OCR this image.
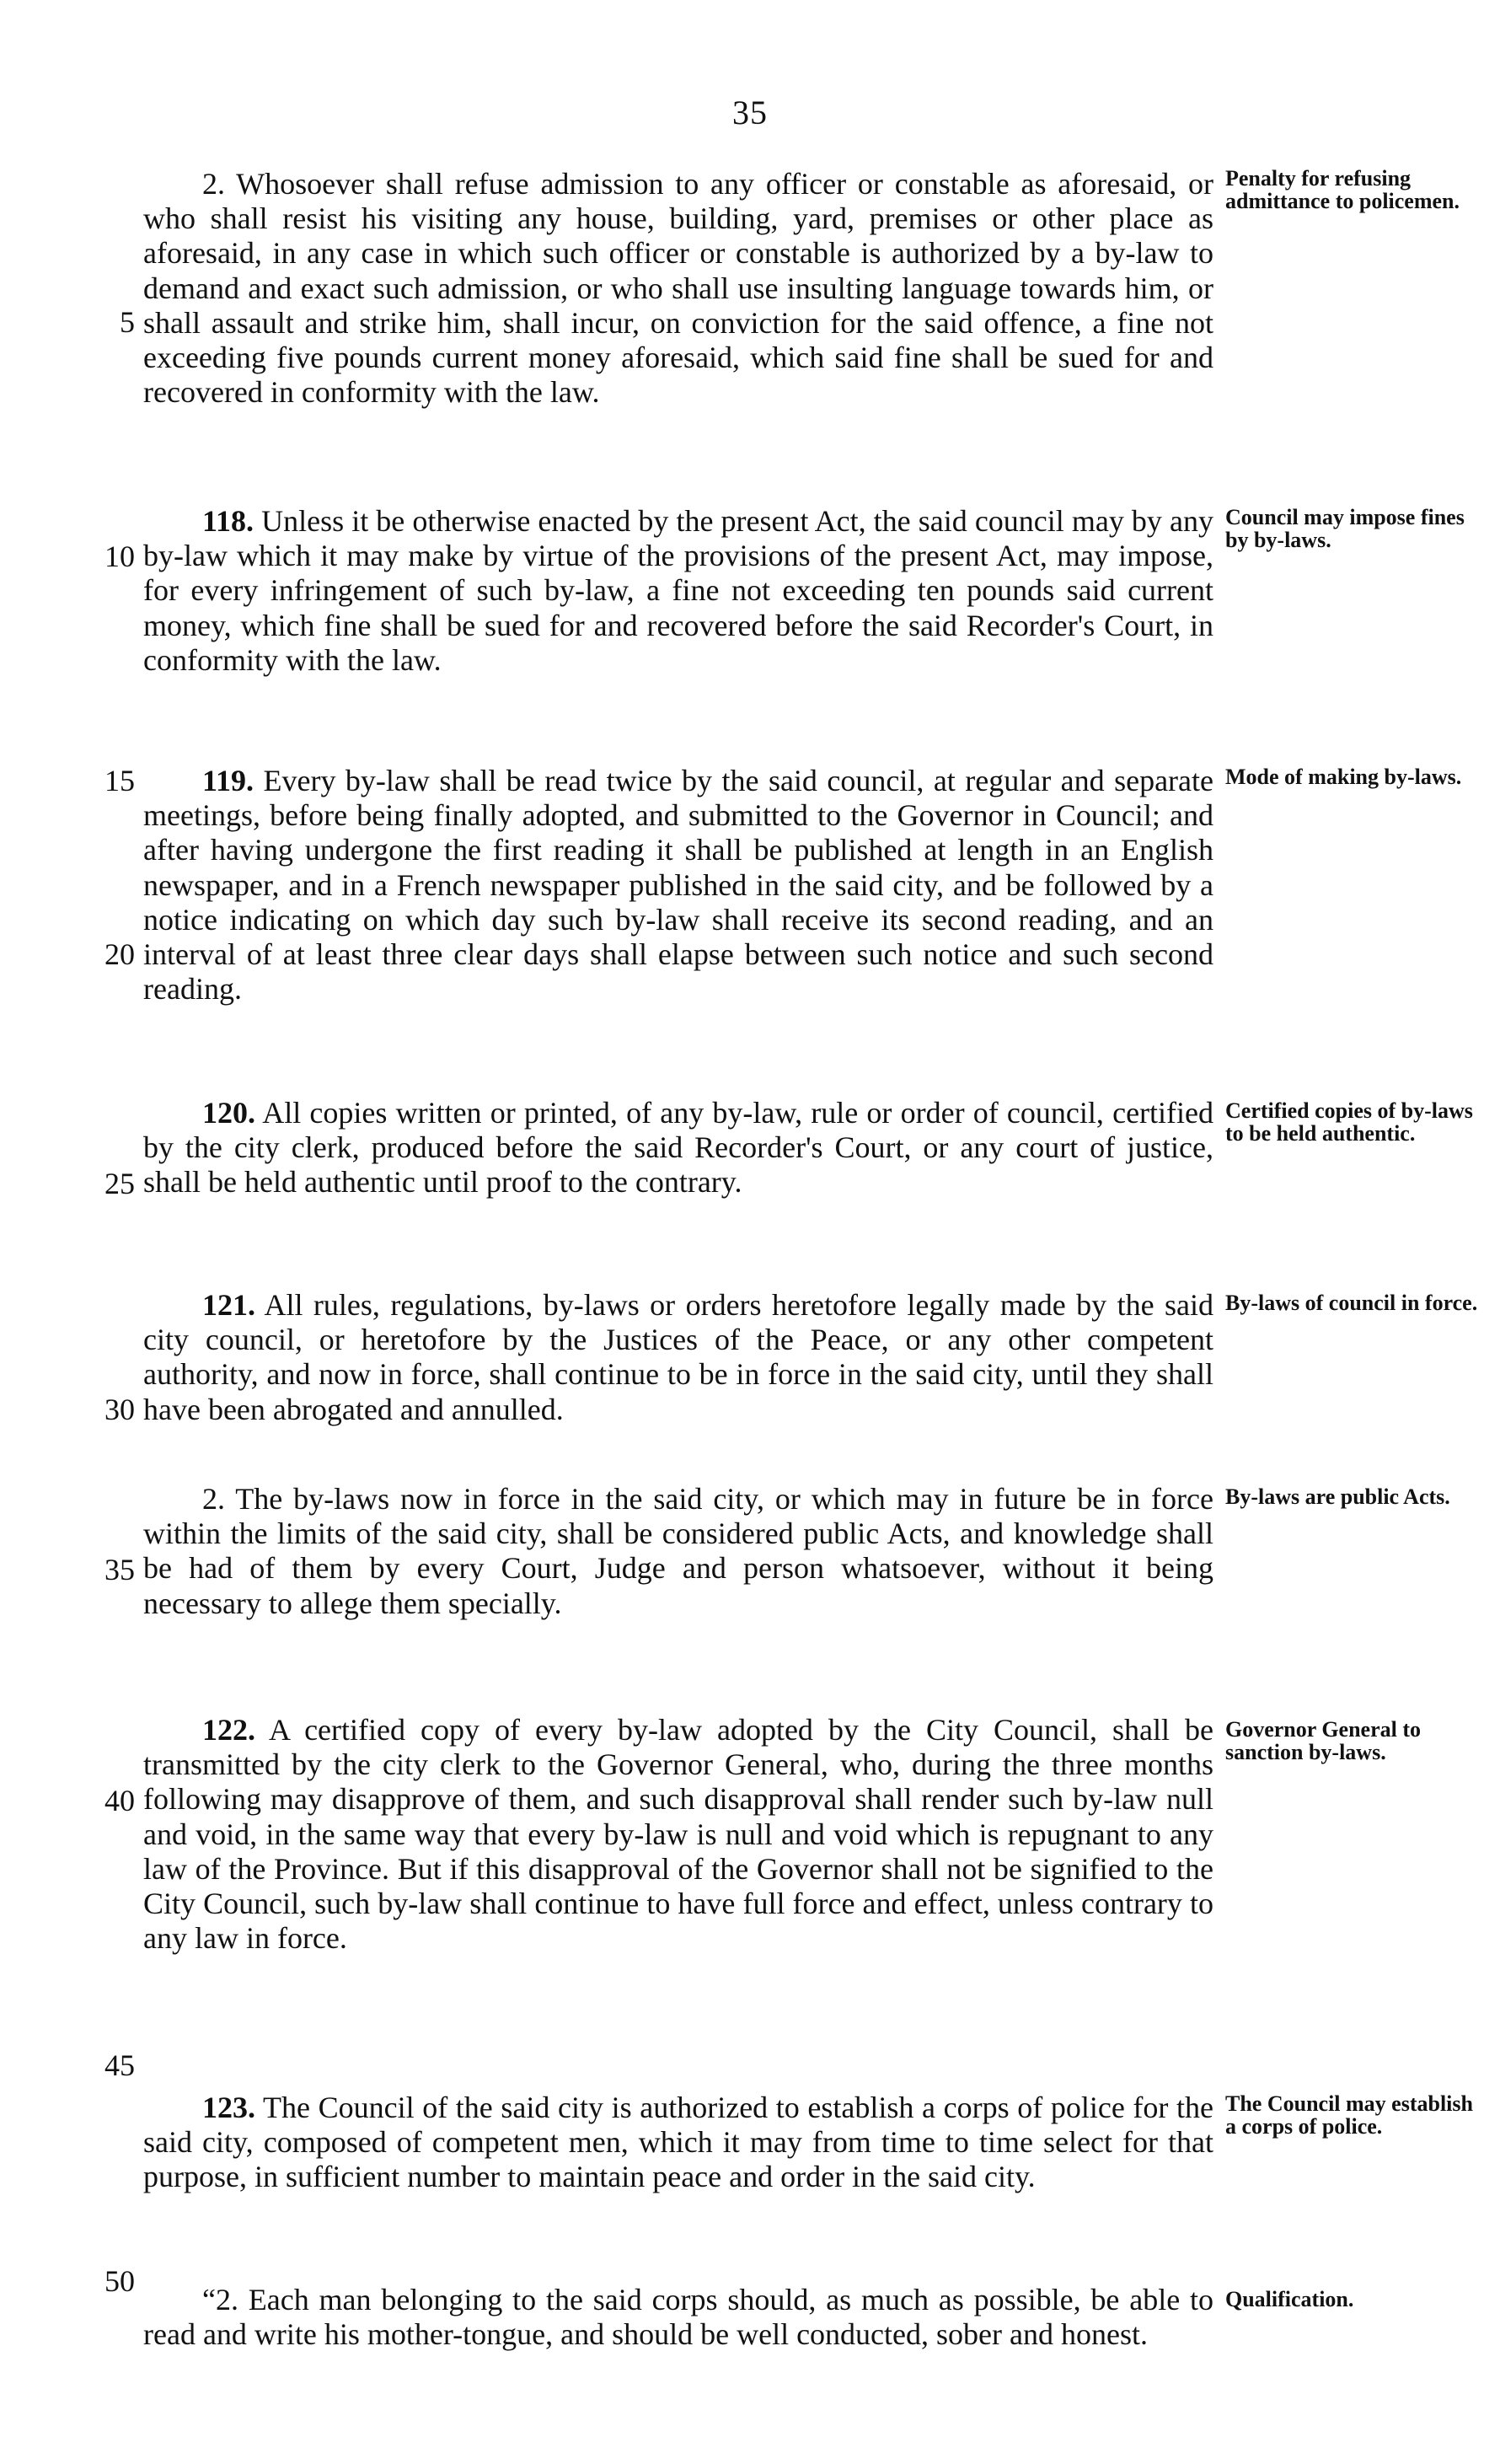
35

2. Whosoever shall refuse admission to any officer or constable as aforesaid, or who shall resist his visiting any house, building, yard, premises or other place as aforesaid, in any case in which such officer or constable is authorized by a by-law to demand and exact such admission, or who shall use insulting language towards him, or shall assault and strike him, shall incur, on conviction for the said offence, a fine not exceeding five pounds current money aforesaid, which said fine shall be sued for and recovered in conformity with the law.

Penalty for refusing admittance to policemen.

118. Unless it be otherwise enacted by the present Act, the said council may by any by-law which it may make by virtue of the provisions of the present Act, may impose, for every infringement of such by-law, a fine not exceeding ten pounds said current money, which fine shall be sued for and recovered before the said Recorder's Court, in conformity with the law.

Council may impose fines by by-laws.

119. Every by-law shall be read twice by the said council, at regular and separate meetings, before being finally adopted, and submitted to the Governor in Council; and after having undergone the first reading it shall be published at length in an English newspaper, and in a French newspaper published in the said city, and be followed by a notice indicating on which day such by-law shall receive its second reading, and an interval of at least three clear days shall elapse between such notice and such second reading.

Mode of making by-laws.

120. All copies written or printed, of any by-law, rule or order of council, certified by the city clerk, produced before the said Recorder's Court, or any court of justice, shall be held authentic until proof to the contrary.

Certified copies of by-laws to be held authentic.

121. All rules, regulations, by-laws or orders heretofore legally made by the said city council, or heretofore by the Justices of the Peace, or any other competent authority, and now in force, shall continue to be in force in the said city, until they shall have been abrogated and annulled.

By-laws of council in force.

2. The by-laws now in force in the said city, or which may in future be in force within the limits of the said city, shall be considered public Acts, and knowledge shall be had of them by every Court, Judge and person whatsoever, without it being necessary to allege them specially.

By-laws are public Acts.

122. A certified copy of every by-law adopted by the City Council, shall be transmitted by the city clerk to the Governor General, who, during the three months following may disapprove of them, and such disapproval shall render such by-law null and void, in the same way that every by-law is null and void which is repugnant to any law of the Province. But if this disapproval of the Governor shall not be signified to the City Council, such by-law shall continue to have full force and effect, unless contrary to any law in force.

Governor General to sanction by-laws.

123. The Council of the said city is authorized to establish a corps of police for the said city, composed of competent men, which it may from time to time select for that purpose, in sufficient number to maintain peace and order in the said city.

The Council may establish a corps of police.

“2. Each man belonging to the said corps should, as much as possible, be able to read and write his mother-tongue, and should be well conducted, sober and honest.

Qualification.
5
10
15
20
25
30
35
40
45
50
